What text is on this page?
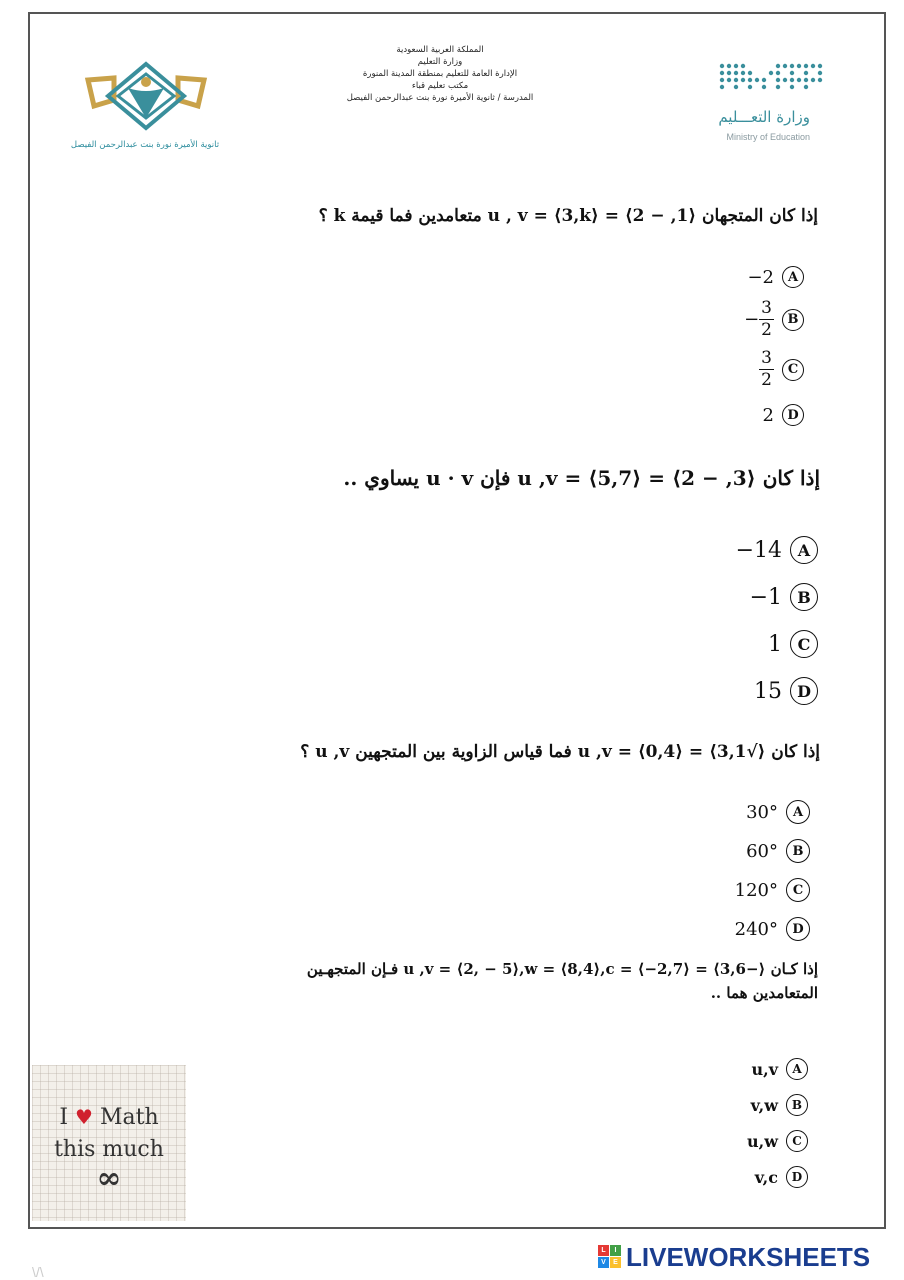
المملكة العربية السعودية
وزارة التعليم
الإدارة العامة للتعليم بمنطقة المدينة المنورة
مكتب تعليم قباء
المدرسة / ثانوية الأميرة نورة بنت عبدالرحمن الفيصل
وزارة التعـــليم
Ministry of Education
ثانوية الأميرة نورة بنت عبدالرحمن الفيصل
إذا كان المتجهان ⟨1, − 2⟩ = u , v = ⟨3,k⟩ متعامدين فما قيمة k ؟
−2	A
− $\frac{3}{2}$	B
$\frac{3}{2}$	C
2	D
إذا كان ⟨3, − 2⟩ = u ,v = ⟨5,7⟩ فإن u · v يساوي ..
−14 A
−1 B
1 C
15 D
إذا كان ⟨√3,1⟩ = u ,v = ⟨0,4⟩ فما قياس الزاوية بين المتجهين u ,v ؟
30°	A
60°	B
120°	C
240°	D
إذا كـان ⟨−3,6⟩ = u ,v = ⟨2, − 5⟩,w = ⟨8,4⟩,c = ⟨−2,7⟩ فـإن المتجهـين
المتعامدين هما ..
u,v	A
v,w	B
u,w	C
v,c	D
I ♥ Math
this much
∞
L	I
V	E LIVEWORKSHEETS
\/\
